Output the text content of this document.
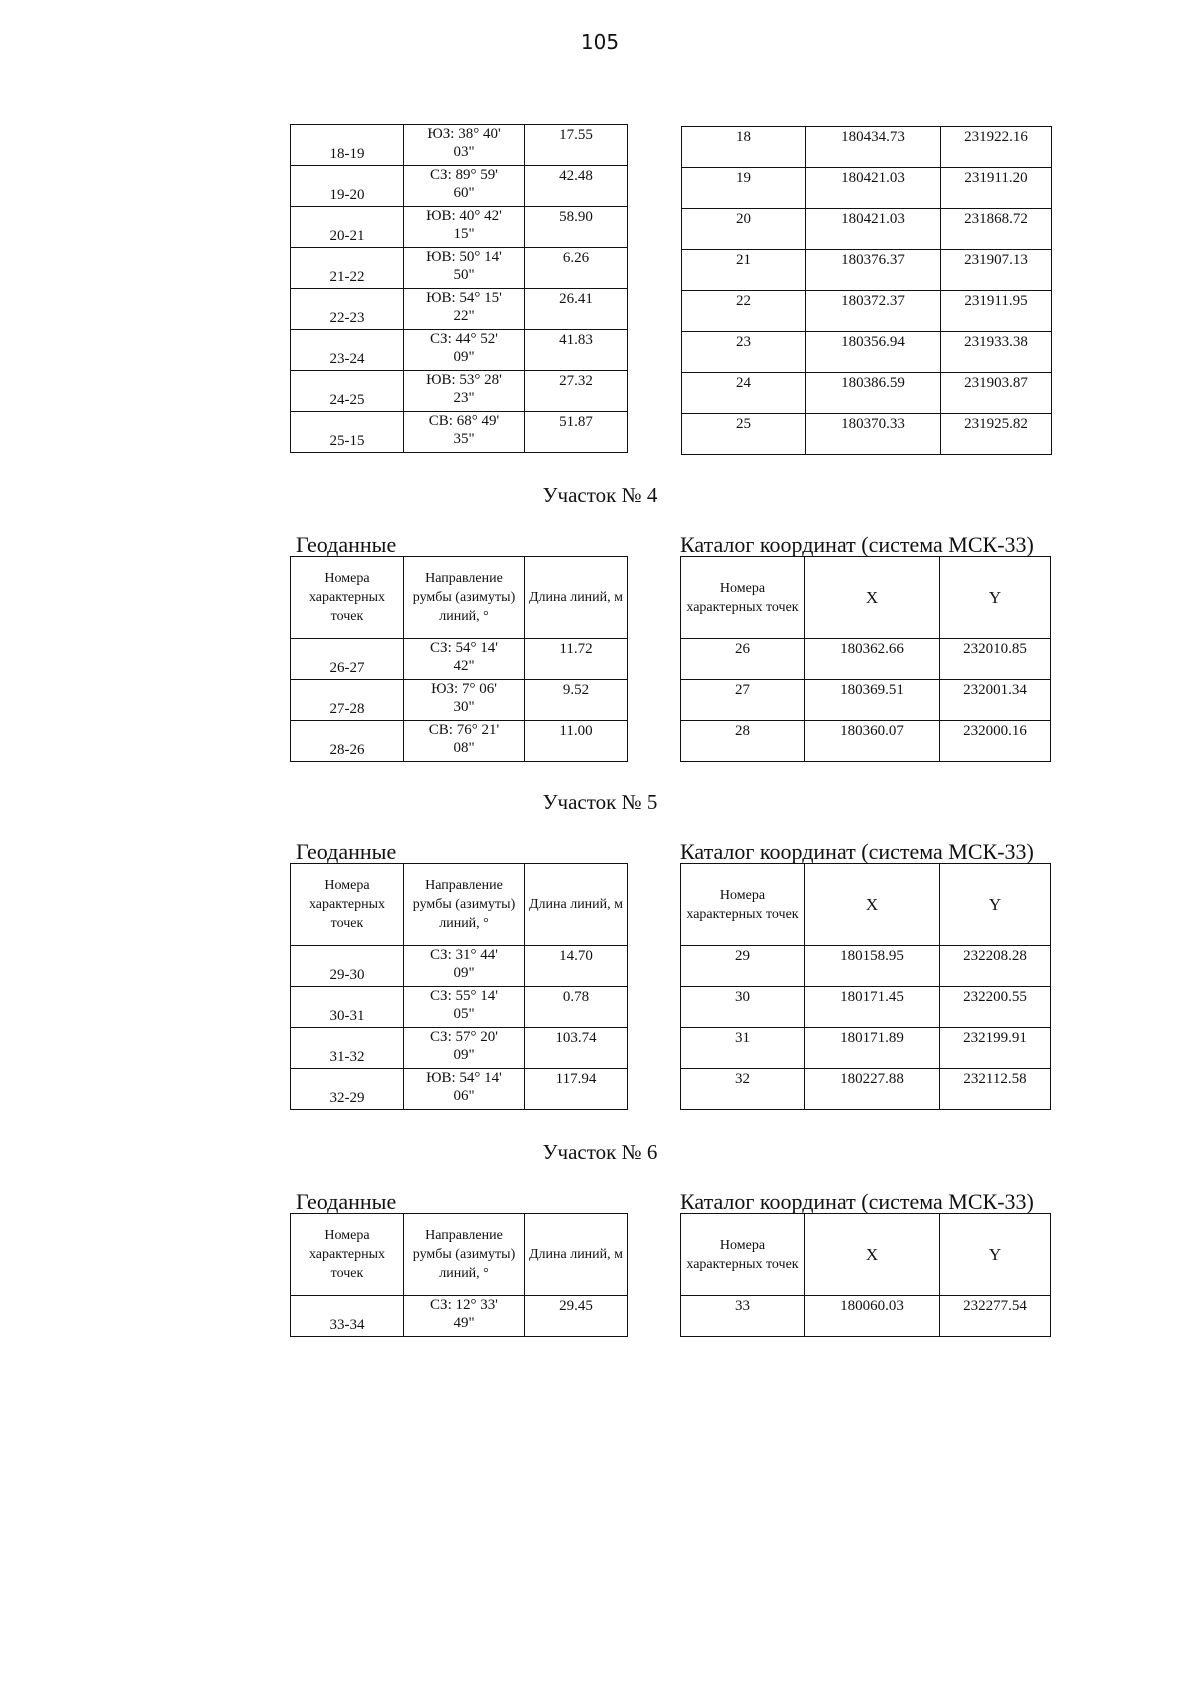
105
18-19	ЮЗ: 38° 40'
03"	17.55
19-20	СЗ: 89° 59'
60"	42.48
20-21	ЮВ: 40° 42'
15"	58.90
21-22	ЮВ: 50° 14'
50"	6.26
22-23	ЮВ: 54° 15'
22"	26.41
23-24	СЗ: 44° 52'
09"	41.83
24-25	ЮВ: 53° 28'
23"	27.32
25-15	СВ: 68° 49'
35"	51.87
18	180434.73	231922.16
19	180421.03	231911.20
20	180421.03	231868.72
21	180376.37	231907.13
22	180372.37	231911.95
23	180356.94	231933.38
24	180386.59	231903.87
25	180370.33	231925.82
Участок № 4
Геоданные
Номера характерных точек	Направление румбы (азимуты) линий, °	Длина линий, м
26-27	СЗ: 54° 14'
42"	11.72
27-28	ЮЗ: 7° 06'
30"	9.52
28-26	СВ: 76° 21'
08"	11.00
Каталог координат (система МСК-33)
Номера характерных точек	X	Y
26	180362.66	232010.85
27	180369.51	232001.34
28	180360.07	232000.16
Участок № 5
Геоданные
Номера характерных точек	Направление румбы (азимуты) линий, °	Длина линий, м
29-30	СЗ: 31° 44'
09"	14.70
30-31	СЗ: 55° 14'
05"	0.78
31-32	СЗ: 57° 20'
09"	103.74
32-29	ЮВ: 54° 14'
06"	117.94
Каталог координат (система МСК-33)
Номера характерных точек	X	Y
29	180158.95	232208.28
30	180171.45	232200.55
31	180171.89	232199.91
32	180227.88	232112.58
Участок № 6
Геоданные
Номера характерных точек	Направление румбы (азимуты) линий, °	Длина линий, м
33-34	СЗ: 12° 33'
49"	29.45
Каталог координат (система МСК-33)
Номера характерных точек	X	Y
33	180060.03	232277.54
